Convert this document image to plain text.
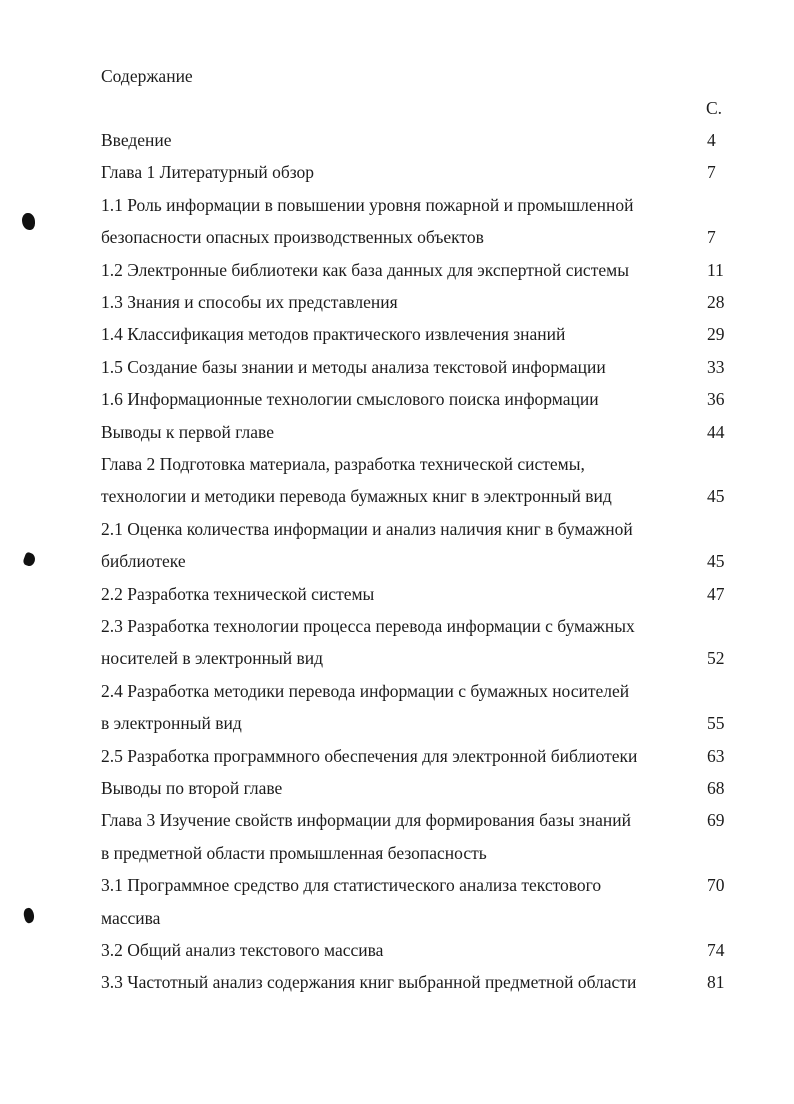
Содержание
С.
Введение	4
Глава 1 Литературный обзор	7
1.1 Роль информации в повышении уровня пожарной и промышленной
безопасности опасных производственных объектов	7
1.2 Электронные библиотеки как база данных для экспертной системы	11
1.3 Знания и способы их представления	28
1.4 Классификация методов практического извлечения знаний	29
1.5 Создание базы знании и методы анализа текстовой информации	33
1.6 Информационные технологии смыслового поиска информации	36
Выводы к первой главе	44
Глава 2 Подготовка материала, разработка технической системы,
технологии и методики перевода бумажных книг в электронный вид	45
2.1 Оценка количества информации и анализ наличия книг в бумажной
библиотеке	45
2.2 Разработка технической системы	47
2.3 Разработка технологии процесса перевода информации с бумажных
носителей в электронный вид	52
2.4 Разработка методики перевода информации с бумажных носителей
в электронный вид	55
2.5 Разработка программного обеспечения для электронной библиотеки	63
Выводы по второй главе	68
Глава 3 Изучение свойств информации для формирования базы знаний	69
в предметной области промышленная безопасность
3.1 Программное средство для статистического анализа текстового	70
массива
3.2 Общий анализ текстового массива	74
3.3 Частотный анализ содержания книг выбранной предметной области	81
